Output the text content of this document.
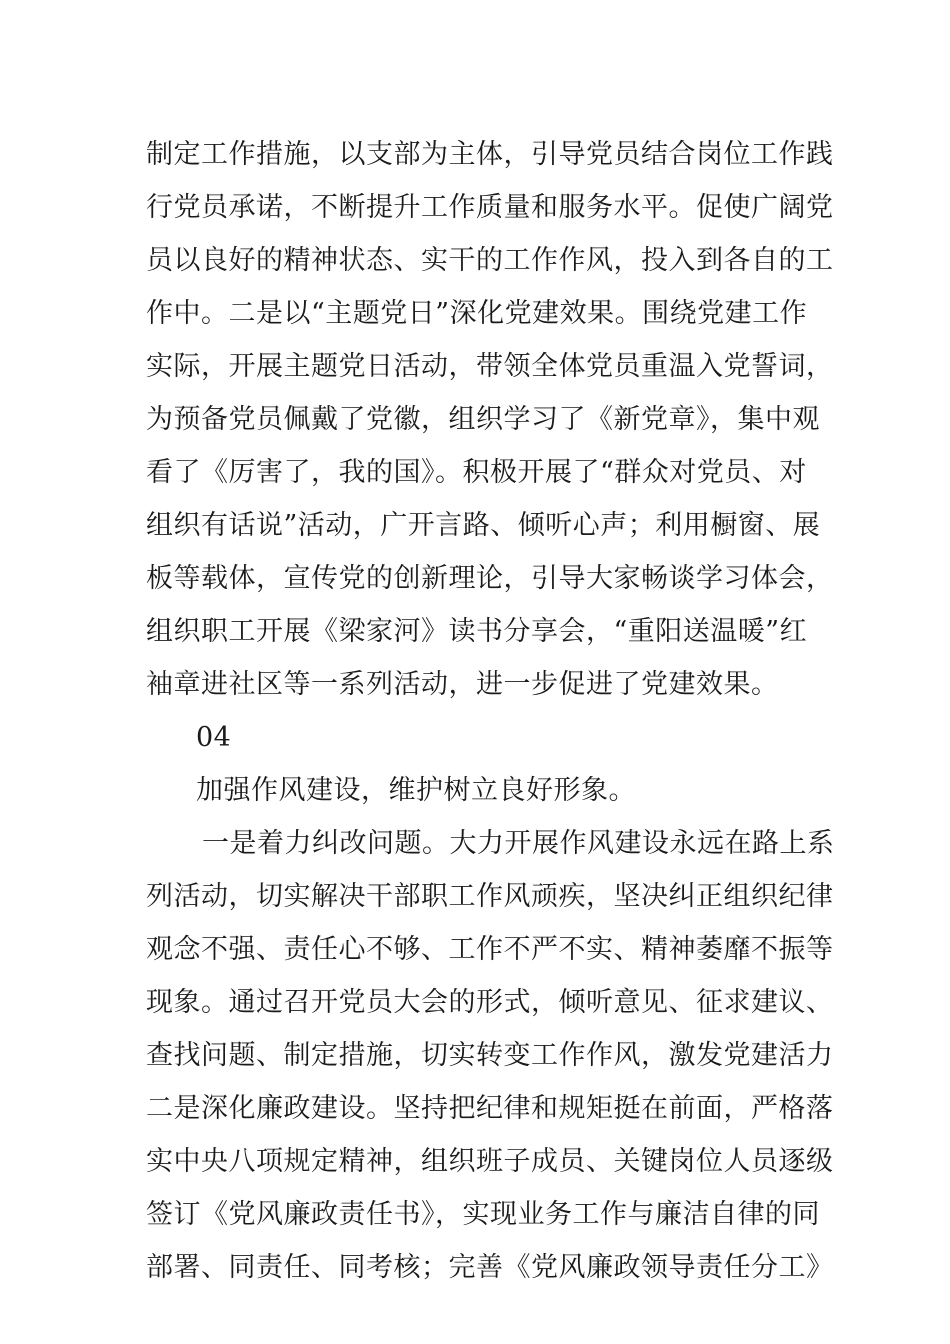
制定工作措施，以支部为主体，引导党员结合岗位工作践
行党员承诺，不断提升工作质量和服务水平。促使广阔党
员以良好的精神状态、实干的工作作风，投入到各自的工
作中。二是以“主题党日”深化党建效果。围绕党建工作
实际，开展主题党日活动，带领全体党员重温入党誓词，
为预备党员佩戴了党徽，组织学习了《新党章》，集中观
看了《厉害了，我的国》。积极开展了“群众对党员、对
组织有话说”活动，广开言路、倾听心声；利用橱窗、展
板等载体，宣传党的创新理论，引导大家畅谈学习体会，
组织职工开展《梁家河》读书分享会，“重阳送温暖”红
袖章进社区等一系列活动，进一步促进了党建效果。
04
加强作风建设，维护树立良好形象。
一是着力纠改问题。大力开展作风建设永远在路上系
列活动，切实解决干部职工作风顽疾，坚决纠正组织纪律
观念不强、责任心不够、工作不严不实、精神萎靡不振等
现象。通过召开党员大会的形式，倾听意见、征求建议、
查找问题、制定措施，切实转变工作作风，激发党建活力
二是深化廉政建设。坚持把纪律和规矩挺在前面，严格落
实中央八项规定精神，组织班子成员、关键岗位人员逐级
签订《党风廉政责任书》，实现业务工作与廉洁自律的同
部署、同责任、同考核；完善《党风廉政领导责任分工》
